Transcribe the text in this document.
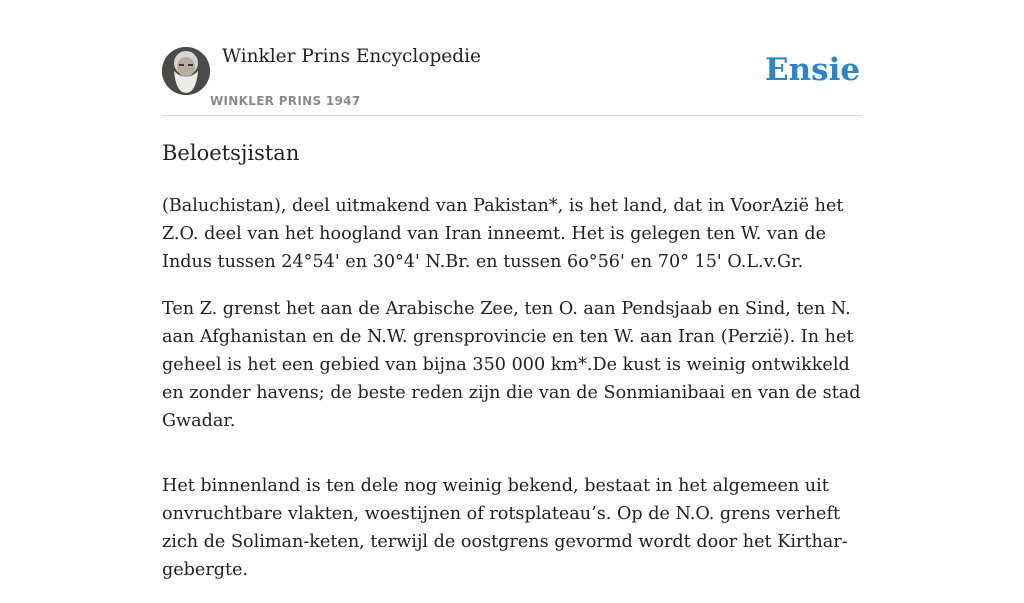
Winkler Prins Encyclopedie
WINKLER PRINS 1947
Ensie
Beloetsjistan

(Baluchistan), deel uitmakend van Pakistan*, is het land, dat in VoorAzië het Z.O. deel van het hoogland van Iran inneemt. Het is gelegen ten W. van de Indus tussen 24°54' en 30°4' N.Br. en tussen 6o°56' en 70° 15' O.L.v.Gr.

Ten Z. grenst het aan de Arabische Zee, ten O. aan Pendsjaab en Sind, ten N. aan Afghanistan en de N.W. grensprovincie en ten W. aan Iran (Perzië). In het geheel is het een gebied van bijna 350 000 km*.De kust is weinig ontwikkeld en zonder havens; de beste reden zijn die van de Sonmianibaai en van de stad Gwadar.

Het binnenland is ten dele nog weinig bekend, bestaat in het algemeen uit onvruchtbare vlakten, woestijnen of rotsplateau’s. Op de N.O. grens verheft zich de Soliman-keten, terwijl de oostgrens gevormd wordt door het Kirthar-gebergte.
